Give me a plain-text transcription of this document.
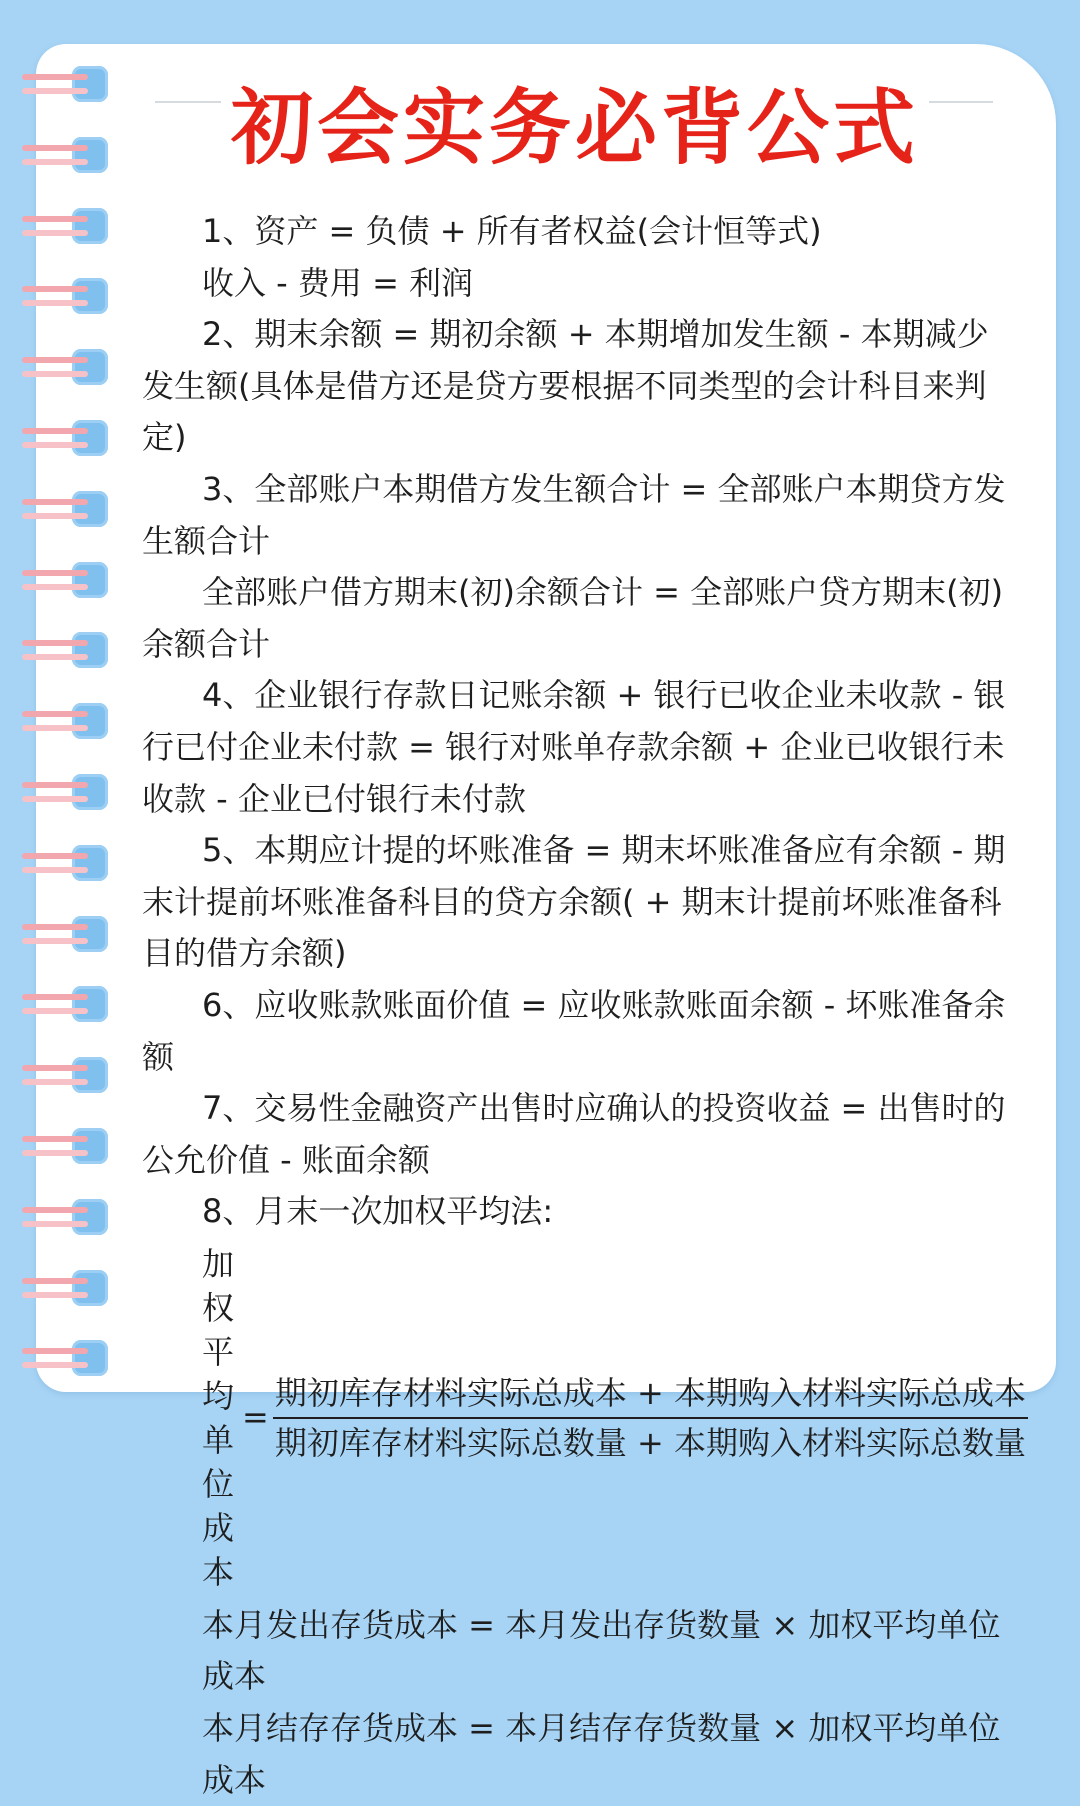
初会实务必背公式

1、资产 = 负债 + 所有者权益(会计恒等式)

收入 - 费用 = 利润

2、期末余额 = 期初余额 + 本期增加发生额 - 本期减少发生额(具体是借方还是贷方要根据不同类型的会计科目来判定)

3、全部账户本期借方发生额合计 = 全部账户本期贷方发生额合计

全部账户借方期末(初)余额合计 = 全部账户贷方期末(初)余额合计

4、企业银行存款日记账余额 + 银行已收企业未收款 - 银行已付企业未付款 = 银行对账单存款余额 + 企业已收银行未收款 - 企业已付银行未付款

5、本期应计提的坏账准备 = 期末坏账准备应有余额 - 期末计提前坏账准备科目的贷方余额( + 期末计提前坏账准备科目的借方余额)

6、应收账款账面价值 = 应收账款账面余额 - 坏账准备余额

7、交易性金融资产出售时应确认的投资收益 = 出售时的公允价值 - 账面余额

8、月末一次加权平均法:

加权平均
单位成本
= $\frac{\text{期初库存材料实际总成本 + 本期购入材料实际总成本}}{\text{期初库存材料实际总数量 + 本期购入材料实际总数量}}$

本月发出存货成本 = 本月发出存货数量 × 加权平均单位成本

本月结存存货成本 = 本月结存存货数量 × 加权平均单位成本
